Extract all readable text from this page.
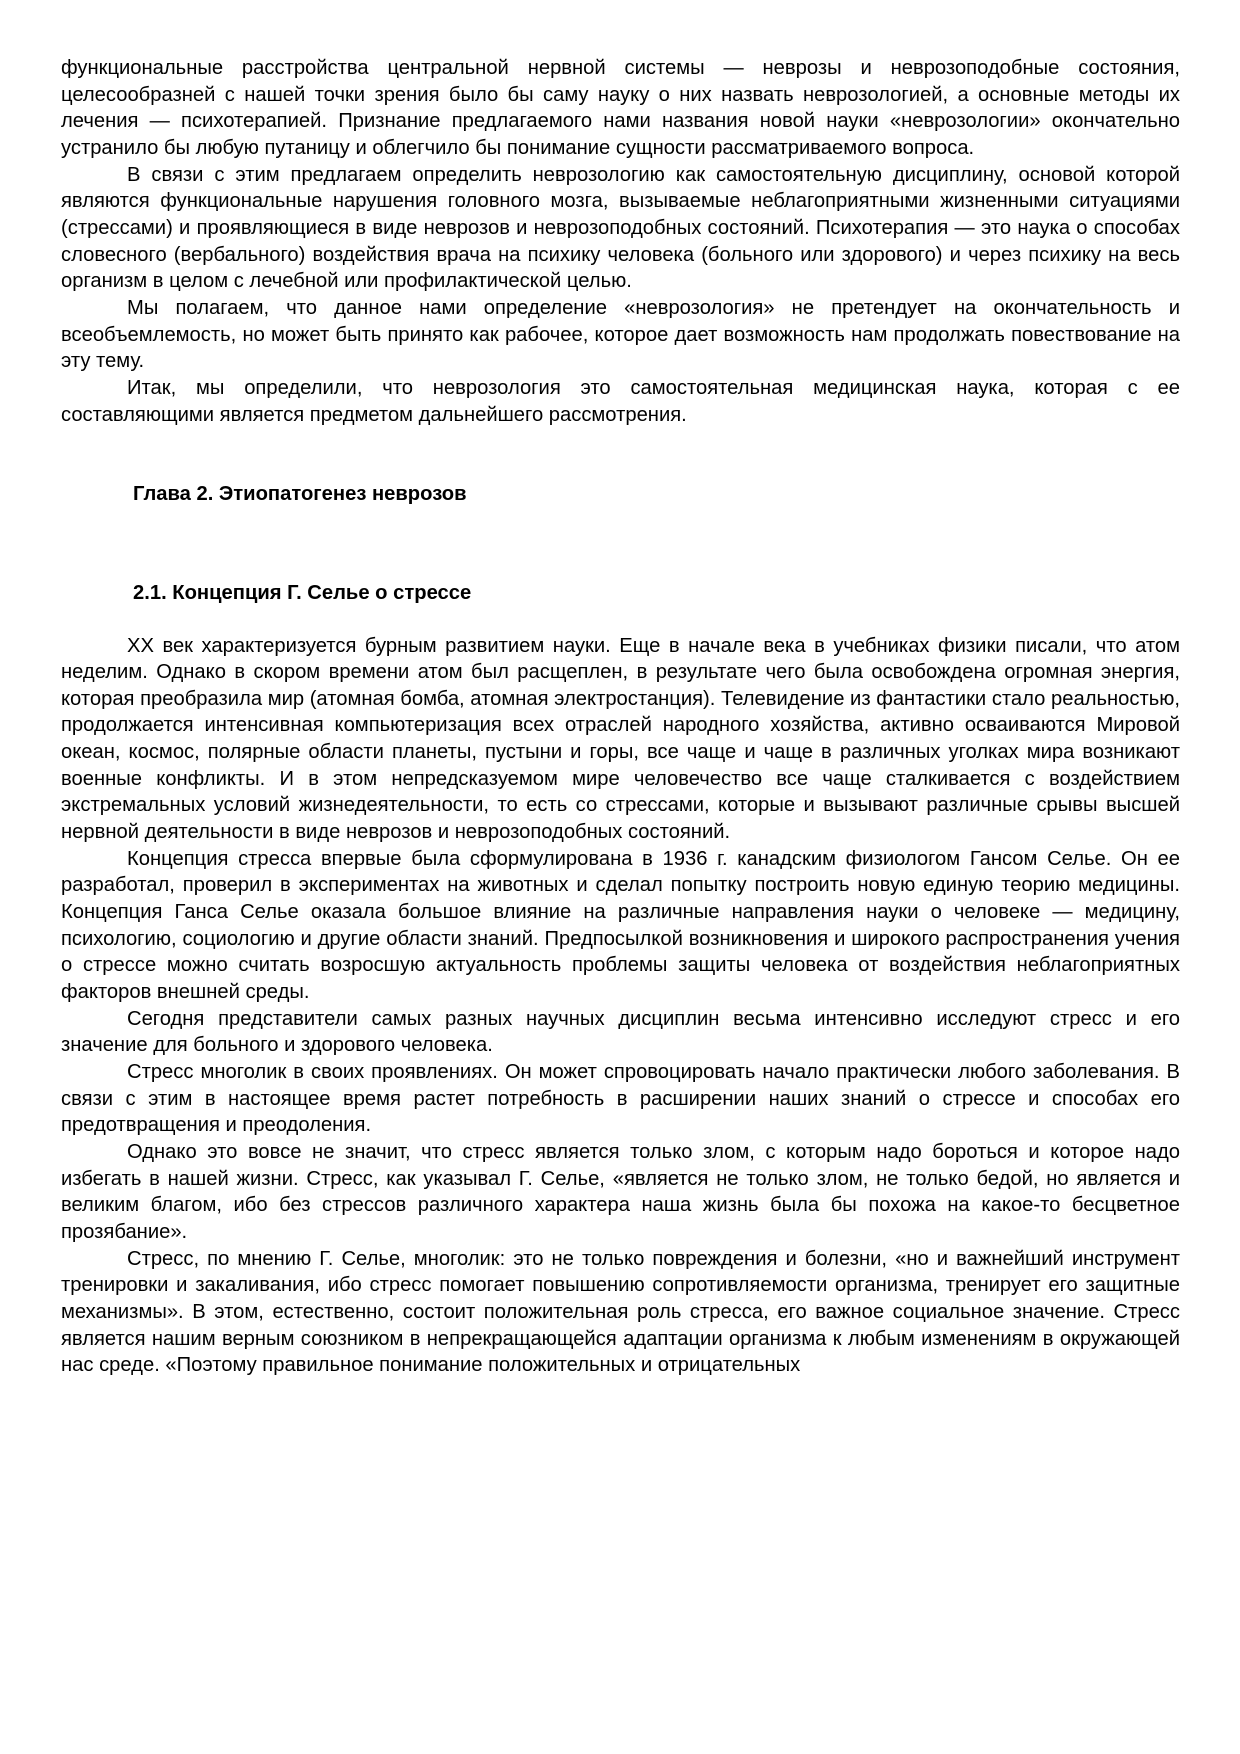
функциональные расстройства центральной нервной системы — неврозы и неврозоподобные состояния, целесообразней с нашей точки зрения было бы саму науку о них назвать неврозологией, а основные методы их лечения — психотерапией. Признание предлагаемого нами названия новой науки «неврозологии» окончательно устранило бы любую путаницу и облегчило бы понимание сущности рассматриваемого вопроса.

В связи с этим предлагаем определить неврозологию как самостоятельную дисциплину, основой которой являются функциональные нарушения головного мозга, вызываемые неблагоприятными жизненными ситуациями (стрессами) и проявляющиеся в виде неврозов и неврозоподобных состояний. Психотерапия — это наука о способах словесного (вербального) воздействия врача на психику человека (больного или здорового) и через психику на весь организм в целом с лечебной или профилактической целью.

Мы полагаем, что данное нами определение «неврозология» не претендует на окончательность и всеобъемлемость, но может быть принято как рабочее, которое дает возможность нам продолжать повествование на эту тему.

Итак, мы определили, что неврозология это самостоятельная медицинская наука, которая с ее составляющими является предметом дальнейшего рассмотрения.

Глава 2. Этиопатогенез неврозов
2.1. Концепция Г. Селье о стрессе

XX век характеризуется бурным развитием науки. Еще в начале века в учебниках физики писали, что атом неделим. Однако в скором времени атом был расщеплен, в результате чего была освобождена огромная энергия, которая преобразила мир (атомная бомба, атомная электростанция). Телевидение из фантастики стало реальностью, продолжается интенсивная компьютеризация всех отраслей народного хозяйства, активно осваиваются Мировой океан, космос, полярные области планеты, пустыни и горы, все чаще и чаще в различных уголках мира возникают военные конфликты. И в этом непредсказуемом мире человечество все чаще сталкивается с воздействием экстремальных условий жизнедеятельности, то есть со стрессами, которые и вызывают различные срывы высшей нервной деятельности в виде неврозов и неврозоподобных состояний.

Концепция стресса впервые была сформулирована в 1936 г. канадским физиологом Гансом Селье. Он ее разработал, проверил в экспериментах на животных и сделал попытку построить новую единую теорию медицины. Концепция Ганса Селье оказала большое влияние на различные направления науки о человеке — медицину, психологию, социологию и другие области знаний. Предпосылкой возникновения и широкого распространения учения о стрессе можно считать возросшую актуальность проблемы защиты человека от воздействия неблагоприятных факторов внешней среды.

Сегодня представители самых разных научных дисциплин весьма интенсивно исследуют стресс и его значение для больного и здорового человека.

Стресс многолик в своих проявлениях. Он может спровоцировать начало практически любого заболевания. В связи с этим в настоящее время растет потребность в расширении наших знаний о стрессе и способах его предотвращения и преодоления.

Однако это вовсе не значит, что стресс является только злом, с которым надо бороться и которое надо избегать в нашей жизни. Стресс, как указывал Г. Селье, «является не только злом, не только бедой, но является и великим благом, ибо без стрессов различного характера наша жизнь была бы похожа на какое-то бесцветное прозябание».

Стресс, по мнению Г. Селье, многолик: это не только повреждения и болезни, «но и важнейший инструмент тренировки и закаливания, ибо стресс помогает повышению сопротивляемости организма, тренирует его защитные механизмы». В этом, естественно, состоит положительная роль стресса, его важное социальное значение. Стресс является нашим верным союзником в непрекращающейся адаптации организма к любым изменениям в окружающей нас среде. «Поэтому правильное понимание положительных и отрицательных
